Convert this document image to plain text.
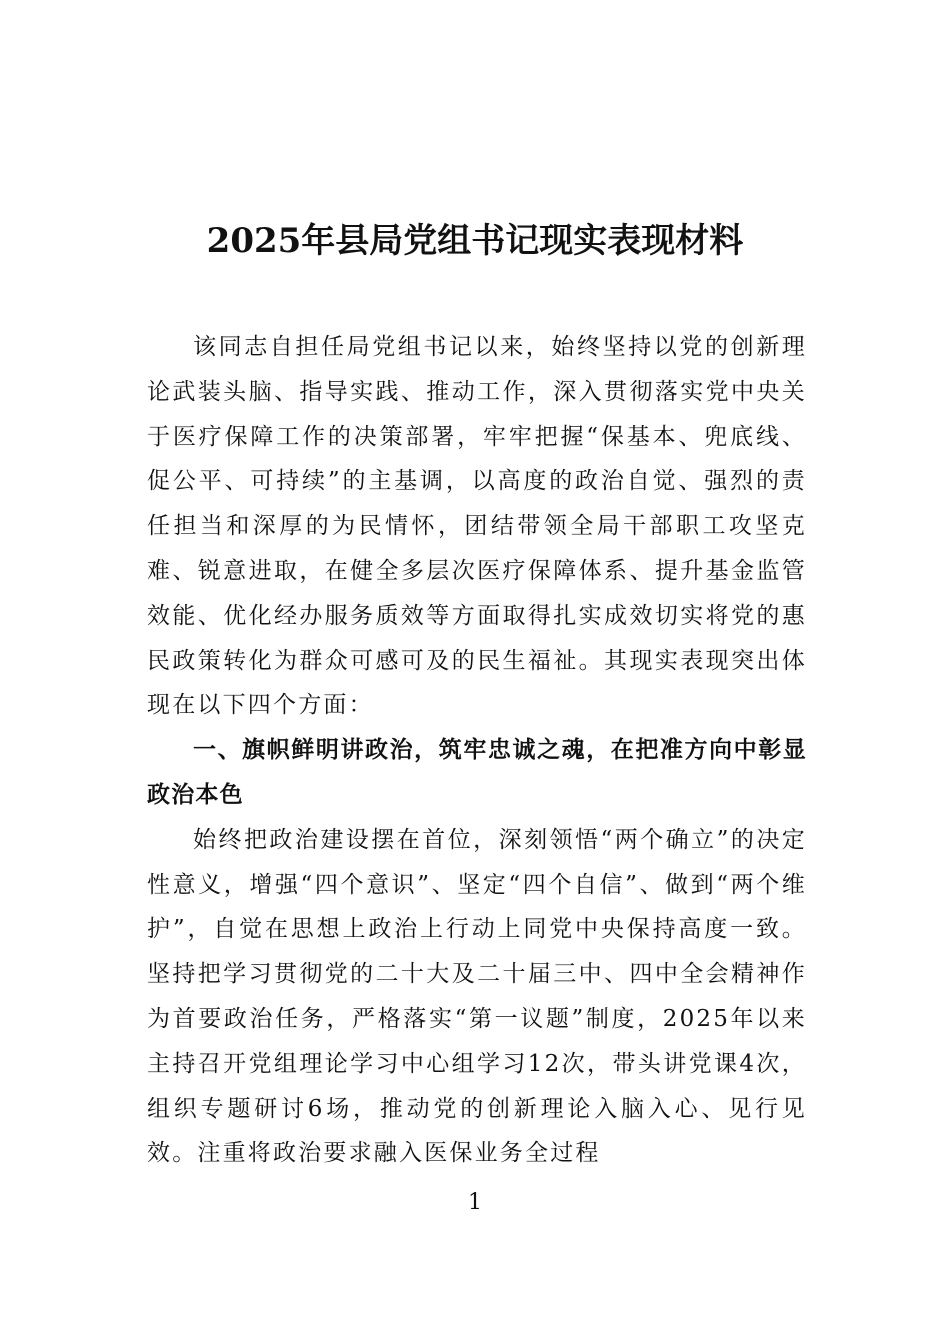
2025年县局党组书记现实表现材料

该同志自担任局党组书记以来，始终坚持以党的创新理论武装头脑、指导实践、推动工作，深入贯彻落实党中央关于医疗保障工作的决策部署，牢牢把握“保基本、兜底线、促公平、可持续”的主基调，以高度的政治自觉、强烈的责任担当和深厚的为民情怀，团结带领全局干部职工攻坚克难、锐意进取，在健全多层次医疗保障体系、提升基金监管效能、优化经办服务质效等方面取得扎实成效切实将党的惠民政策转化为群众可感可及的民生福祉。其现实表现突出体现在以下四个方面：

一、旗帜鲜明讲政治，筑牢忠诚之魂，在把准方向中彰显政治本色

始终把政治建设摆在首位，深刻领悟“两个确立”的决定性意义，增强“四个意识”、坚定“四个自信”、做到“两个维护”，自觉在思想上政治上行动上同党中央保持高度一致。坚持把学习贯彻党的二十大及二十届三中、四中全会精神作为首要政治任务，严格落实“第一议题”制度，2025年以来主持召开党组理论学习中心组学习12次，带头讲党课4次，组织专题研讨6场，推动党的创新理论入脑入心、见行见效。注重将政治要求融入医保业务全过程

1
